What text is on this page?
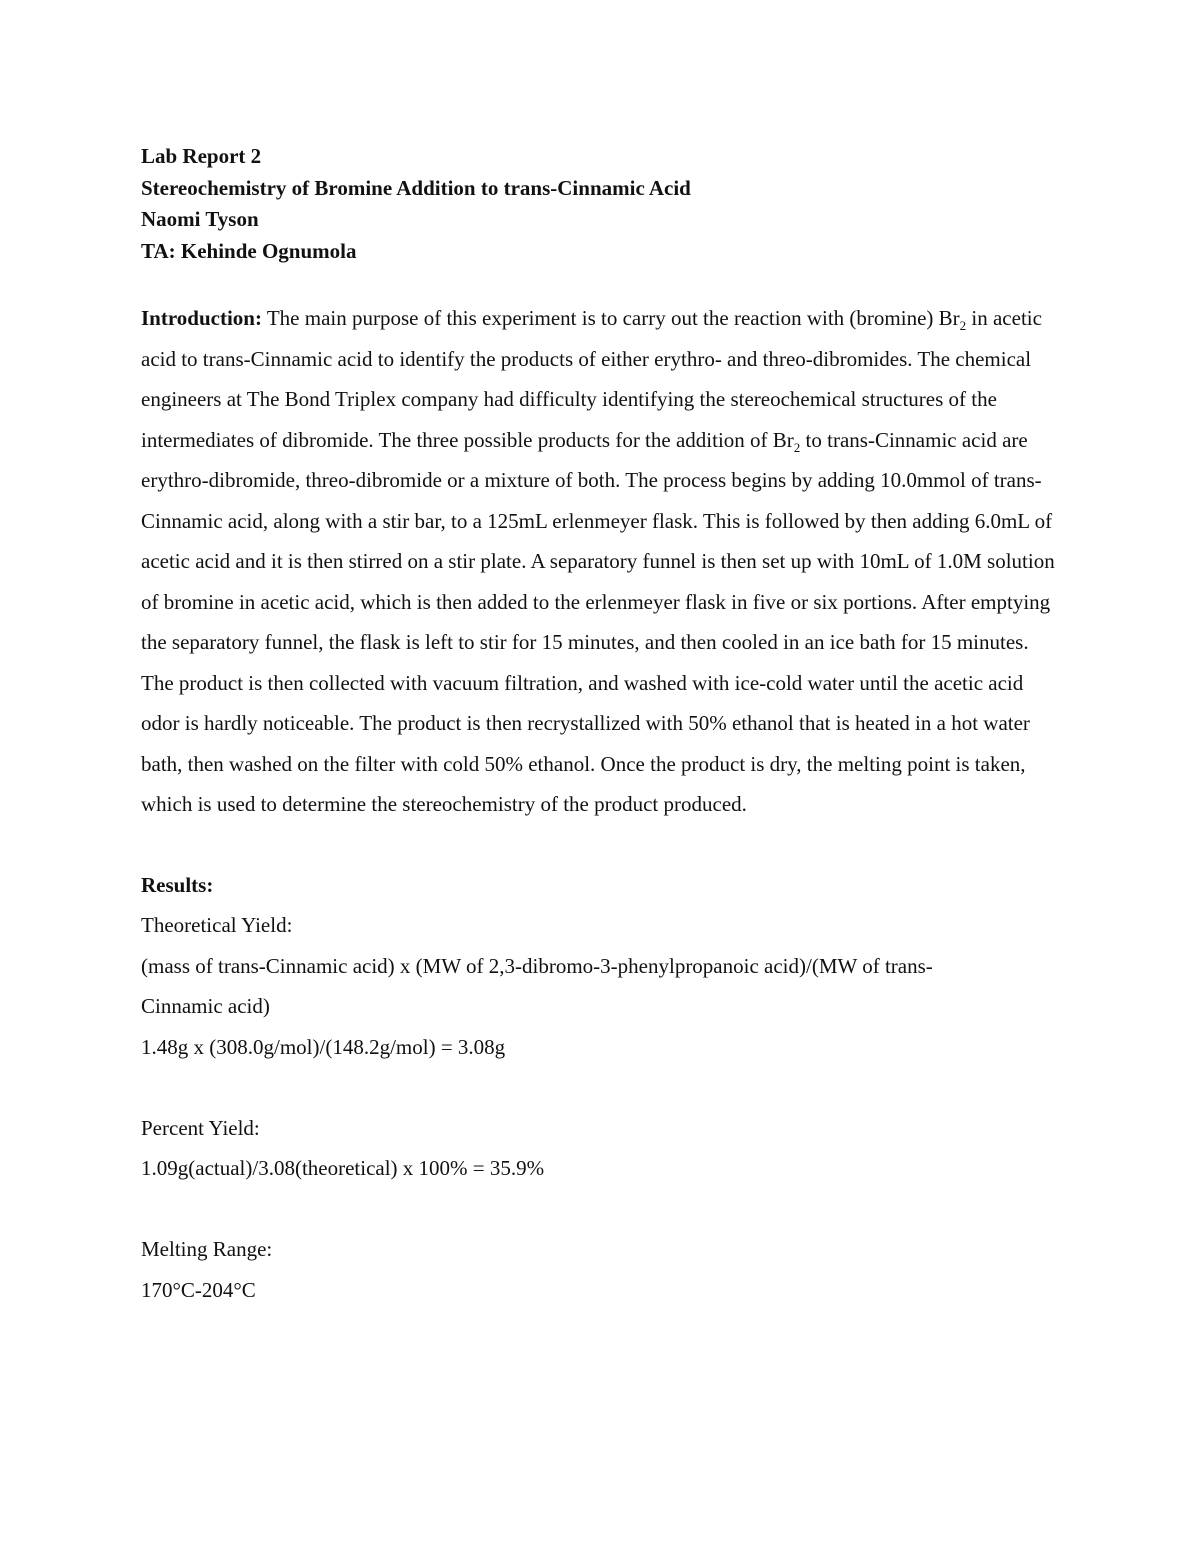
Lab Report 2

Stereochemistry of Bromine Addition to trans-Cinnamic Acid

Naomi Tyson

TA: Kehinde Ognumola

Introduction: The main purpose of this experiment is to carry out the reaction with (bromine) $Br_2$ in acetic acid to trans-Cinnamic acid to identify the products of either erythro- and threo-dibromides. The chemical engineers at The Bond Triplex company had difficulty identifying the stereochemical structures of the intermediates of dibromide. The three possible products for the addition of $Br_2$ to trans-Cinnamic acid are erythro-dibromide, threo-dibromide or a mixture of both. The process begins by adding 10.0mmol of trans-Cinnamic acid, along with a stir bar, to a 125mL erlenmeyer flask. This is followed by then adding 6.0mL of acetic acid and it is then stirred on a stir plate. A separatory funnel is then set up with 10mL of 1.0M solution of bromine in acetic acid, which is then added to the erlenmeyer flask in five or six portions. After emptying the separatory funnel, the flask is left to stir for 15 minutes, and then cooled in an ice bath for 15 minutes. The product is then collected with vacuum filtration, and washed with ice-cold water until the acetic acid odor is hardly noticeable. The product is then recrystallized with 50% ethanol that is heated in a hot water bath, then washed on the filter with cold 50% ethanol. Once the product is dry, the melting point is taken, which is used to determine the stereochemistry of the product produced.

Results:

Theoretical Yield:

(mass of trans-Cinnamic acid) x (MW of 2,3-dibromo-3-phenylpropanoic acid)/(MW of trans-

Cinnamic acid)

1.48g x (308.0g/mol)/(148.2g/mol) = 3.08g

Percent Yield:

1.09g(actual)/3.08(theoretical) x 100% = 35.9%

Melting Range:

170°C-204°C
